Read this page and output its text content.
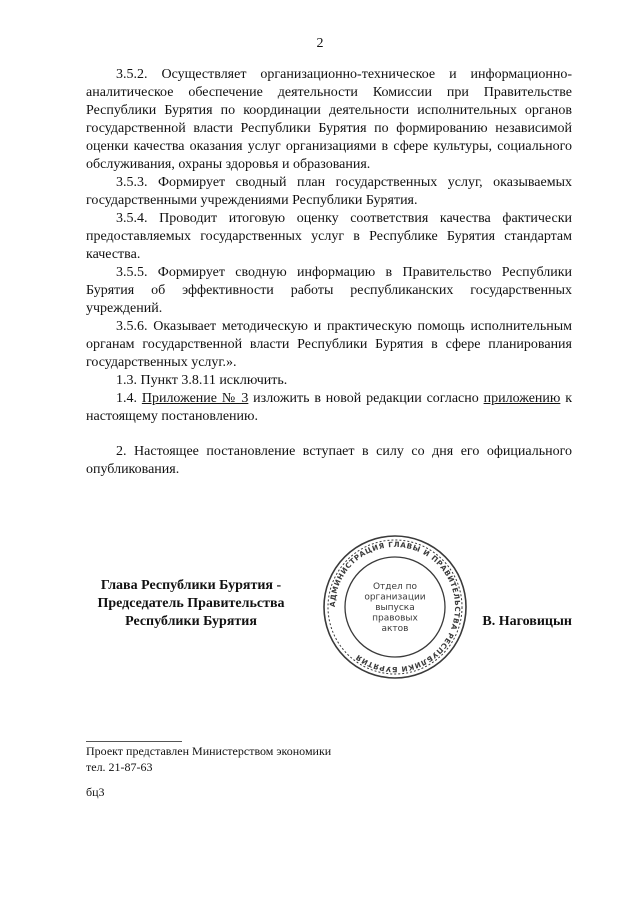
2

3.5.2. Осуществляет организационно-техническое и информационно-аналитическое обеспечение деятельности Комиссии при Правительстве Республики Бурятия по координации деятельности исполнительных органов государственной власти Республики Бурятия по формированию независимой оценки качества оказания услуг организациями в сфере культуры, социального обслуживания, охраны здоровья и образования.

3.5.3. Формирует сводный план государственных услуг, оказываемых государственными учреждениями Республики Бурятия.

3.5.4. Проводит итоговую оценку соответствия качества фактически предоставляемых государственных услуг в Республике Бурятия стандартам качества.

3.5.5. Формирует сводную информацию в Правительство Республики Бурятия об эффективности работы республиканских государственных учреждений.

3.5.6. Оказывает методическую и практическую помощь исполнительным органам государственной власти Республики Бурятия в сфере планирования государственных услуг.».

1.3. Пункт 3.8.11 исключить.

1.4. Приложение № 3 изложить в новой редакции согласно приложению к настоящему постановлению.

2. Настоящее постановление вступает в силу со дня его официального опубликования.

Глава Республики Бурятия -
Председатель Правительства
Республики Бурятия
АДМИНИСТРАЦИЯ ГЛАВЫ И ПРАВИТЕЛЬСТВА РЕСПУБЛИКИ БУРЯТИЯ
Отдел по
организации
выпуска
правовых
актов	В. Наговицын
Проект представлен Министерством экономики
тел. 21-87-63
бц3
